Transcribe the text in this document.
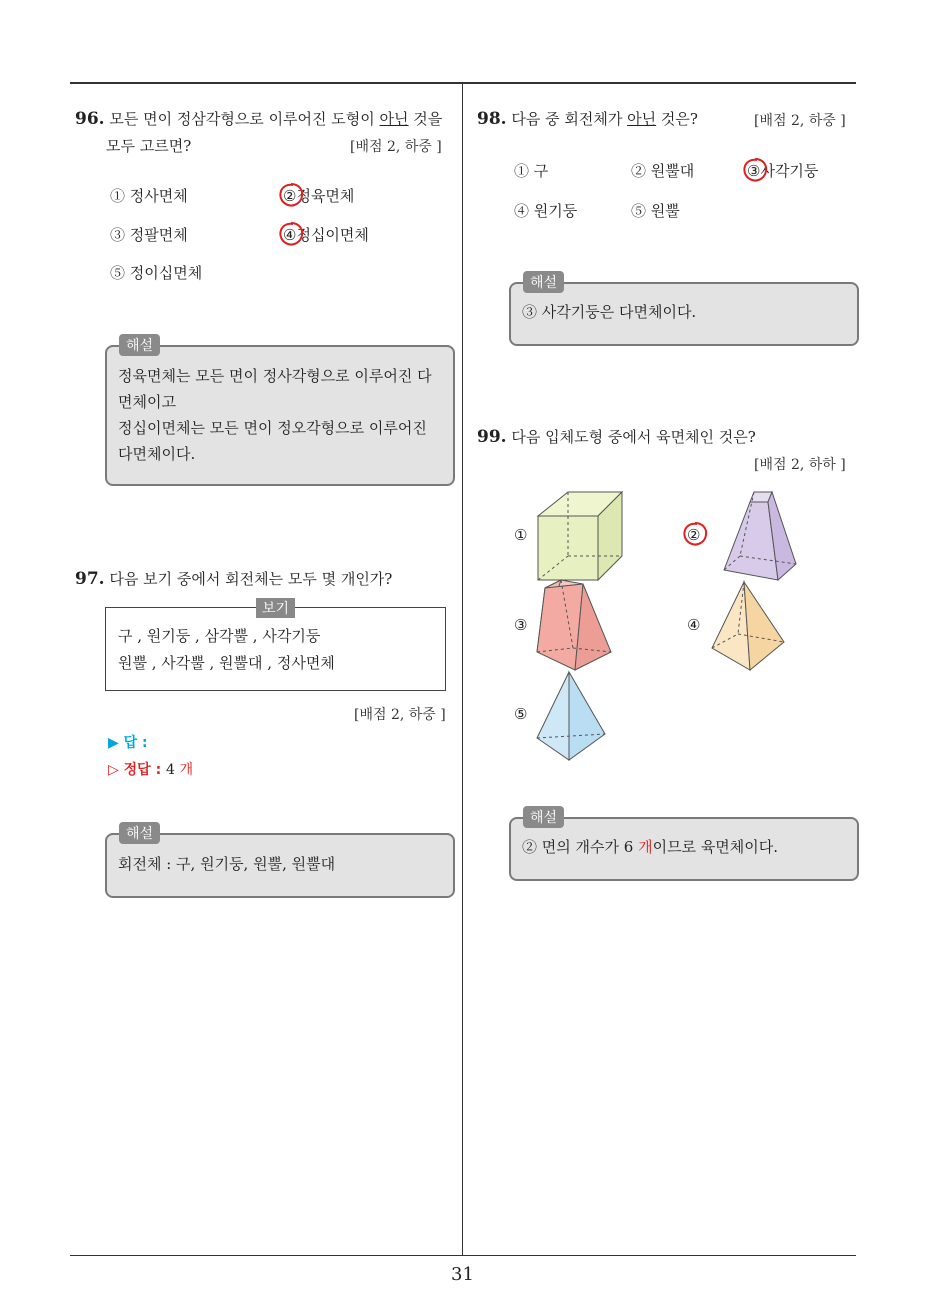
96. 모든 면이 정삼각형으로 이루어진 도형이 아닌 것을
모두 고르면?	[배점 2, 하중 ]
① 정사면체	②정육면체
③ 정팔면체	④정십이면체
⑤ 정이십면체
해설
정육면체는 모든 면이 정사각형으로 이루어진 다
면체이고
정십이면체는 모든 면이 정오각형으로 이루어진
다면체이다.
97. 다음 보기 중에서 회전체는 모두 몇 개인가?
보기
구 , 원기둥 , 삼각뿔 , 사각기둥
원뿔 , 사각뿔 , 원뿔대 , 정사면체
[배점 2, 하중 ]
▶ 답 :
▷ 정답 : 4 개
해설
회전체 : 구, 원기둥, 원뿔, 원뿔대
98. 다음 중 회전체가 아닌 것은?	[배점 2, 하중 ]
① 구	② 원뿔대	③사각기둥
④ 원기둥	⑤ 원뿔
해설
③ 사각기둥은 다면체이다.
99. 다음 입체도형 중에서 육면체인 것은?
[배점 2, 하하 ]
①	②
③	④
⑤
해설
② 면의 개수가 6 개이므로 육면체이다.
31
